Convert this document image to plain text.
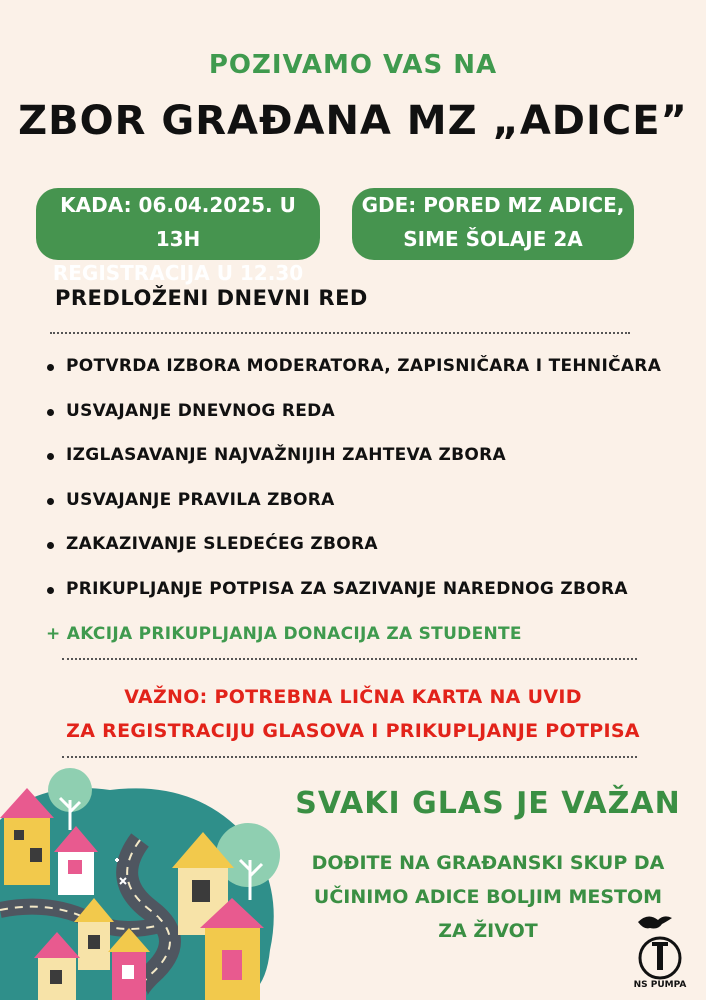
POZIVAMO VAS NA
ZBOR GRAĐANA MZ „ADICE”
KADA: 06.04.2025. U 13H
REGISTRACIJA U 12.30
GDE: PORED MZ ADICE,
SIME ŠOLAJE 2A
PREDLOŽENI DNEVNI RED
POTVRDA IZBORA MODERATORA, ZAPISNIČARA I TEHNIČARA
USVAJANJE DNEVNOG REDA
IZGLASAVANJE NAJVAŽNIJIH ZAHTEVA ZBORA
USVAJANJE PRAVILA ZBORA
ZAKAZIVANJE SLEDEĆEG ZBORA
PRIKUPLJANJE POTPISA ZA SAZIVANJE NAREDNOG ZBORA
+ AKCIJA PRIKUPLJANJA DONACIJA ZA STUDENTE
VAŽNO: POTREBNA LIČNA KARTA NA UVID
ZA REGISTRACIJU GLASOVA I PRIKUPLJANJE POTPISA
SVAKI GLAS JE VAŽAN
DOĐITE NA GRAĐANSKI SKUP DA
UČINIMO ADICE BOLJIM MESTOM
ZA ŽIVOT
NS PUMPA
